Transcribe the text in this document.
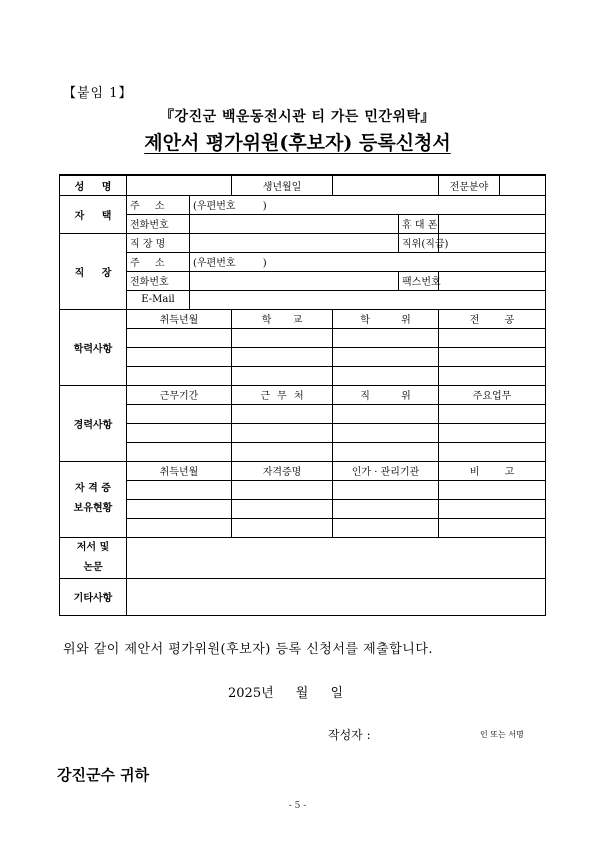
【붙임 1】
『강진군 백운동전시관 티 가든 민간위탁』
제안서 평가위원(후보자) 등록신청서
성 명			생년월일			전문분야	
자 택	주 소	(우편번호 )					
	전화번호				휴 대 폰		
직 장	직 장 명				직위(직급)		
	주 소	(우편번호 )					
	전화번호				팩스번호		
	E-Mail						
학력사항	취득년월		학 교	학 위		전 공	

경력사항	근무기간		근 무 처	직 위		주요업무	

자 격 증
보유현황	취득년월		자격증명	인가 · 관리기관		비 고	

저서 및
논문							

기타사항							
위와 같이 제안서 평가위원(후보자) 등록 신청서를 제출합니다.
2025년 월 일
작성자 :	인 또는 서명
강진군수 귀하
- 5 -
